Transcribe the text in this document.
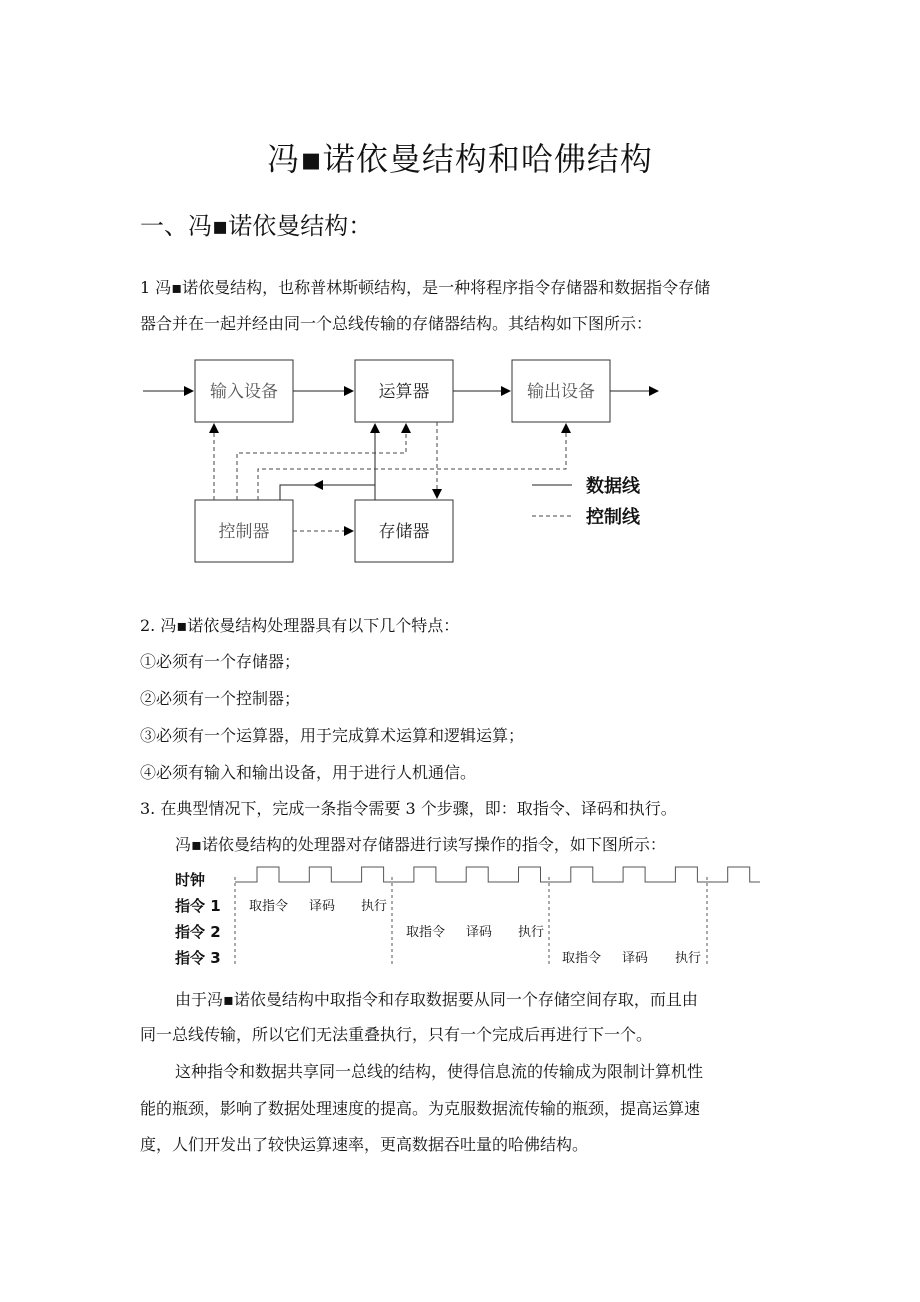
冯▪诺依曼结构和哈佛结构
一、冯▪诺依曼结构：
1 冯▪诺依曼结构，也称普林斯顿结构，是一种将程序指令存储器和数据指令存储
器合并在一起并经由同一个总线传输的存储器结构。其结构如下图所示：
输入设备	运算器	输出设备
控制器	存储器
数据线
控制线
2. 冯▪诺依曼结构处理器具有以下几个特点：
①必须有一个存储器；
②必须有一个控制器；
③必须有一个运算器，用于完成算术运算和逻辑运算；
④必须有输入和输出设备，用于进行人机通信。
3. 在典型情况下，完成一条指令需要 3 个步骤，即：取指令、译码和执行。
冯▪诺依曼结构的处理器对存储器进行读写操作的指令，如下图所示：
时钟
指令 1
指令 2
指令 3
取指令 译码 执行
取指令 译码 执行
取指令 译码 执行
由于冯▪诺依曼结构中取指令和存取数据要从同一个存储空间存取，而且由
同一总线传输，所以它们无法重叠执行，只有一个完成后再进行下一个。
这种指令和数据共享同一总线的结构，使得信息流的传输成为限制计算机性
能的瓶颈，影响了数据处理速度的提高。为克服数据流传输的瓶颈，提高运算速
度，人们开发出了较快运算速率，更高数据吞吐量的哈佛结构。
